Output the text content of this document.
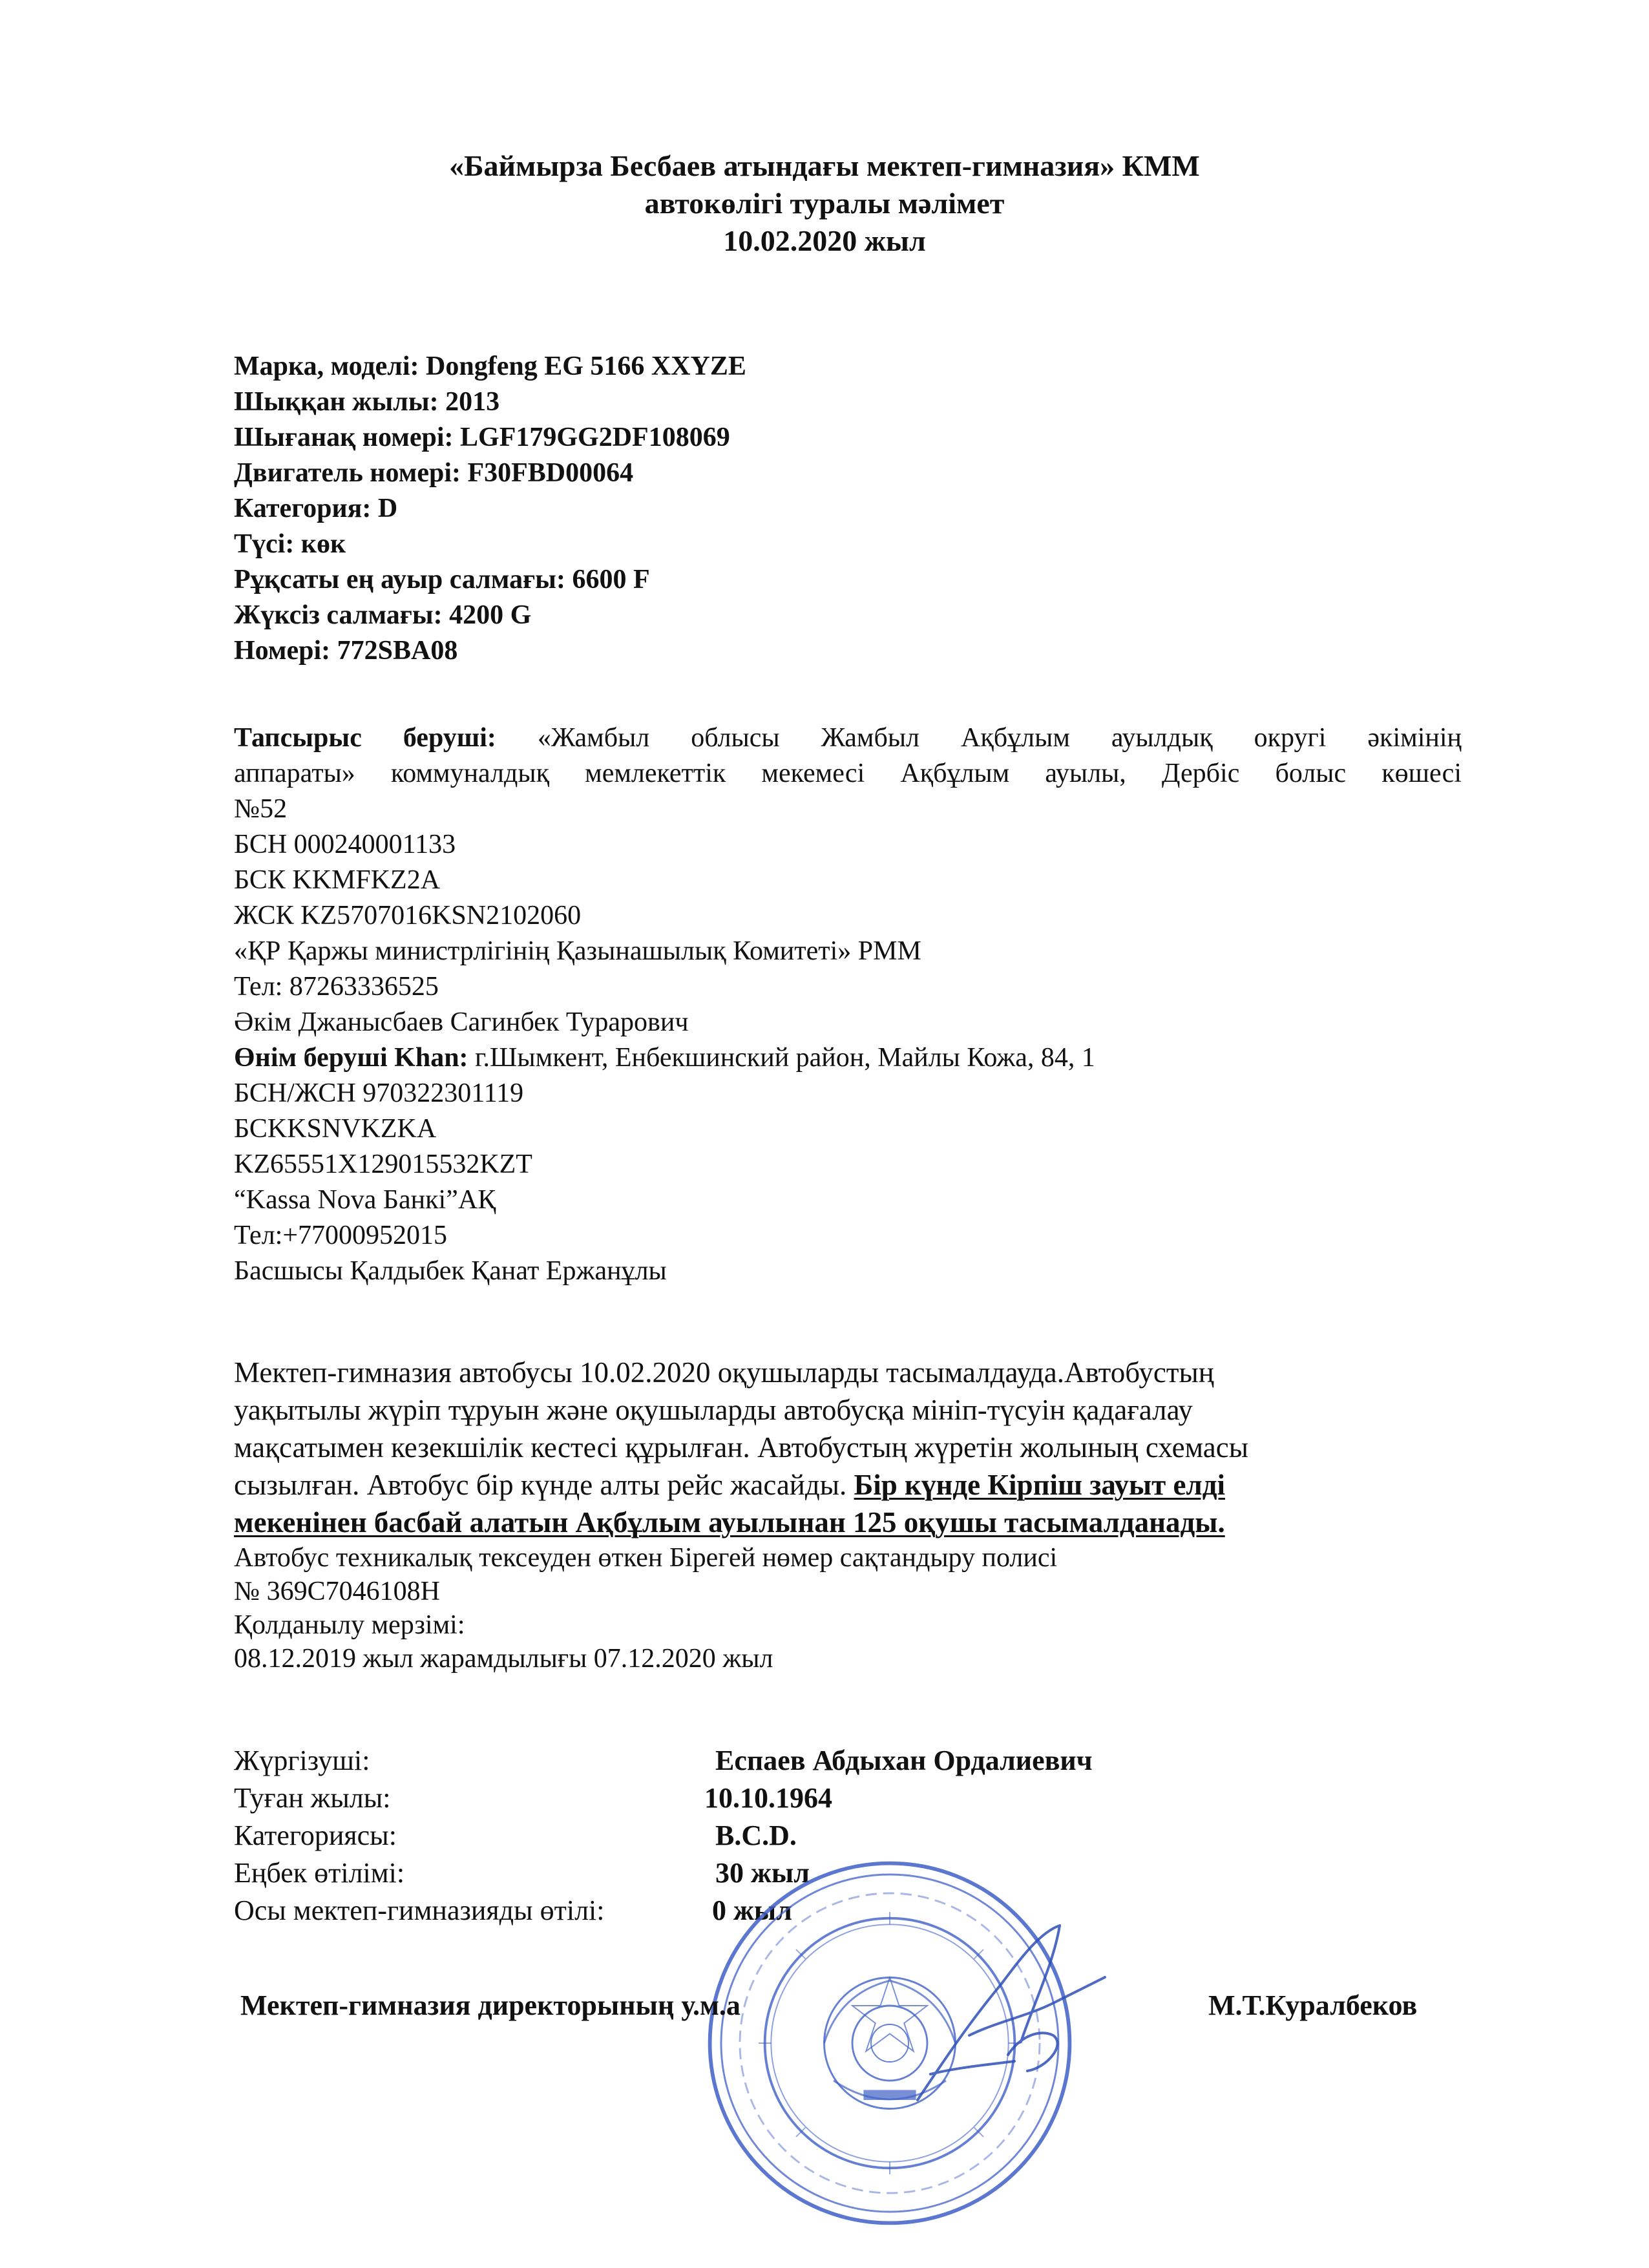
«Баймырза Бесбаев атындағы мектеп-гимназия» КММ
автокөлігі туралы мәлімет
10.02.2020 жыл
Марка, моделі: Dongfeng EG 5166 XXYZE
Шыққан жылы: 2013
Шығанақ номері: LGF179GG2DF108069
Двигатель номері: F30FBD00064
Категория: D
Түсі: көк
Рұқсаты ең ауыр салмағы: 6600 F
Жүксіз салмағы: 4200 G
Номері: 772SBA08
Тапсырыс беруші: «Жамбыл облысы Жамбыл Ақбұлым ауылдық округі әкімінің
аппараты» коммуналдық мемлекеттік мекемесі Ақбұлым ауылы, Дербіс болыс көшесі
№52
БСН 000240001133
БСК KKMFKZ2A
ЖСК KZ5707016KSN2102060
«ҚР Қаржы министрлігінің Қазынашылық Комитеті» РММ
Тел: 87263336525
Әкім Джанысбаев Сагинбек Турарович
Өнім беруші Khan: г.Шымкент, Енбекшинский район, Майлы Кожа, 84, 1
БСН/ЖСН 970322301119
БСKKSNVKZKA
KZ65551X129015532KZT
“Kassa Nova Банкі”АҚ
Тел:+77000952015
Басшысы Қалдыбек Қанат Ержанұлы
Мектеп-гимназия автобусы 10.02.2020 оқушыларды тасымалдауда.Автобустың
уақытылы жүріп тұруын және оқушыларды автобусқа мініп-түсуін қадағалау
мақсатымен кезекшілік кестесі құрылған. Автобустың жүретін жолының схемасы
сызылған. Автобус бір күнде алты рейс жасайды. Бір күнде Кірпіш зауыт елді
мекенінен басбай алатын Ақбұлым ауылынан 125 оқушы тасымалданады.
Автобус техникалық тексеуден өткен Бірегей нөмер сақтандыру полисі
№ 369С7046108Н
Қолданылу мерзімі:
08.12.2019 жыл жарамдылығы 07.12.2020 жыл
Жүргізуші:	Еспаев Абдыхан Ордалиевич
Туған жылы:	10.10.1964
Категориясы:	B.C.D.
Еңбек өтілімі:	30 жыл
Осы мектеп-гимназияды өтілі:	0 жыл
Мектеп-гимназия директорының у.м.а	М.Т.Куралбеков
